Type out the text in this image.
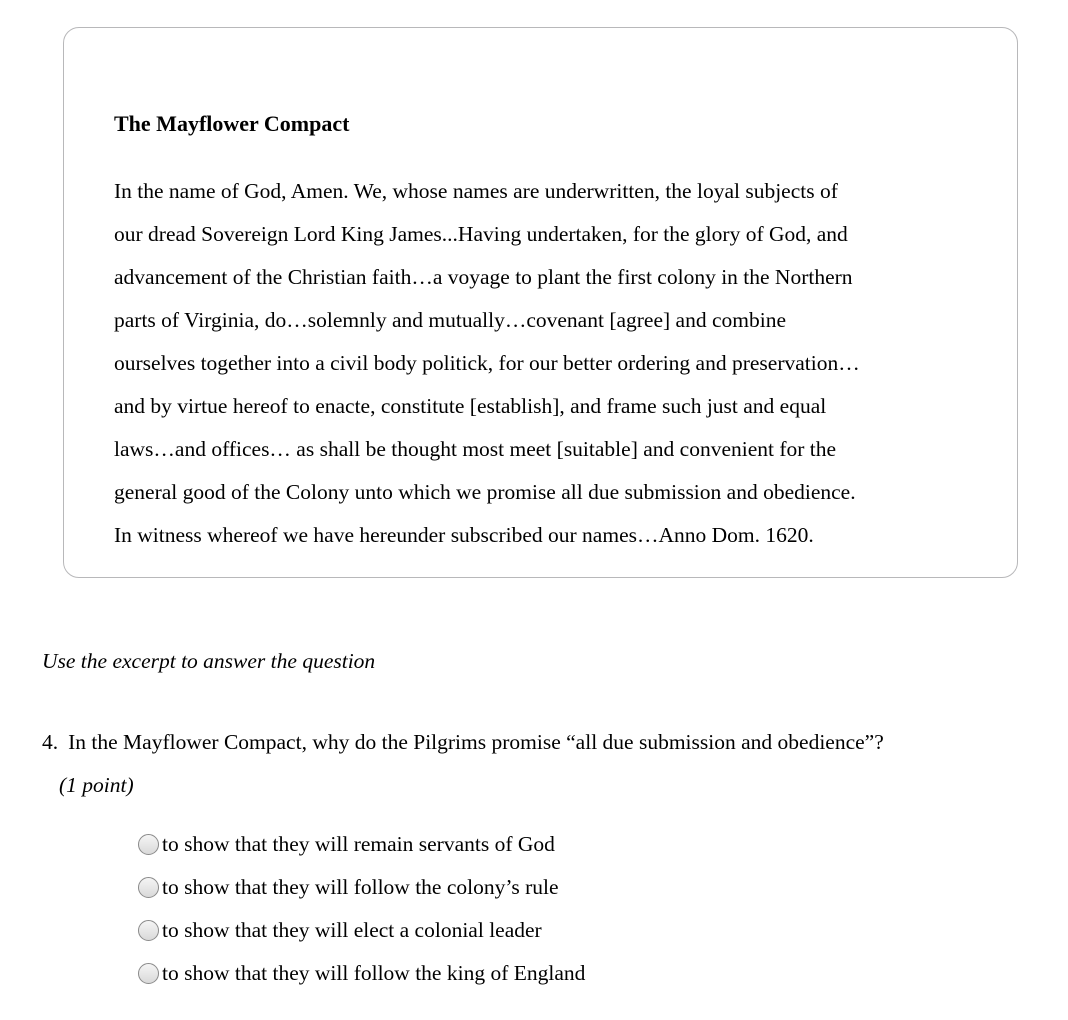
The Mayflower Compact
In the name of God, Amen. We, whose names are underwritten, the loyal subjects of
our dread Sovereign Lord King James...Having undertaken, for the glory of God, and
advancement of the Christian faith…a voyage to plant the first colony in the Northern
parts of Virginia, do…solemnly and mutually…covenant [agree] and combine
ourselves together into a civil body politick, for our better ordering and preservation…
and by virtue hereof to enacte, constitute [establish], and frame such just and equal
laws…and offices… as shall be thought most meet [suitable] and convenient for the
general good of the Colony unto which we promise all due submission and obedience.
In witness whereof we have hereunder subscribed our names…Anno Dom. 1620.
Use the excerpt to answer the question
4. In the Mayflower Compact, why do the Pilgrims promise “all due submission and obedience”?
(1 point)
to show that they will remain servants of God
to show that they will follow the colony’s rule
to show that they will elect a colonial leader
to show that they will follow the king of England
